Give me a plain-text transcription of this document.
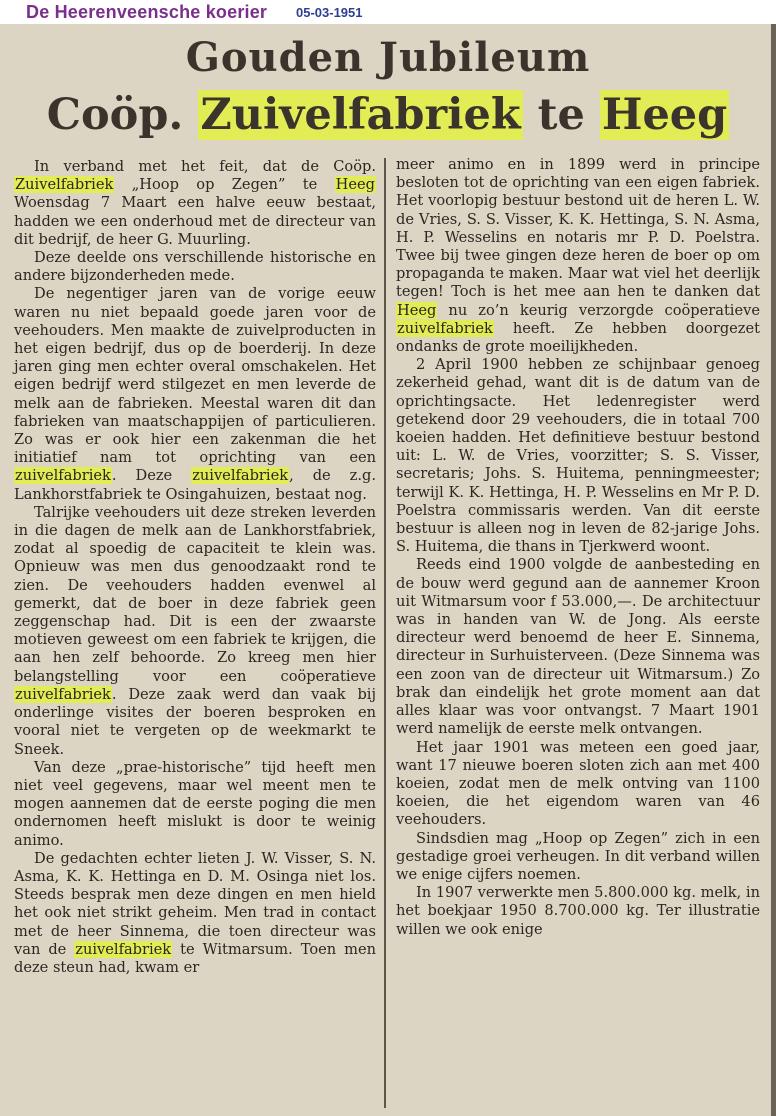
De Heerenveensche koerier 05-03-1951
Gouden Jubileum
Coöp. Zuivelfabriek te Heeg

In verband met het feit, dat de Coöp. Zuivelfabriek „Hoop op Zegen” te Heeg Woensdag 7 Maart een halve eeuw bestaat, hadden we een onderhoud met de directeur van dit bedrijf, de heer G. Muurling.

Deze deelde ons verschillende historische en andere bijzonderheden mede.

De negentiger jaren van de vorige eeuw waren nu niet bepaald goede jaren voor de veehouders. Men maakte de zuivelproducten in het eigen bedrijf, dus op de boerderij. In deze jaren ging men echter overal omschakelen. Het eigen bedrijf werd stilgezet en men leverde de melk aan de fabrieken. Meestal waren dit dan fabrieken van maatschappijen of particulieren. Zo was er ook hier een zakenman die het initiatief nam tot oprichting van een zuivelfabriek. Deze zuivelfabriek, de z.g. Lankhorstfabriek te Osingahuizen, bestaat nog.

Talrijke veehouders uit deze streken leverden in die dagen de melk aan de Lankhorstfabriek, zodat al spoedig de capaciteit te klein was. Opnieuw was men dus genoodzaakt rond te zien. De veehouders hadden evenwel al gemerkt, dat de boer in deze fabriek geen zeggenschap had. Dit is een der zwaarste motieven geweest om een fabriek te krijgen, die aan hen zelf behoorde. Zo kreeg men hier belangstelling voor een coöperatieve zuivelfabriek. Deze zaak werd dan vaak bij onderlinge visites der boeren besproken en vooral niet te vergeten op de weekmarkt te Sneek.

Van deze „prae-historische” tijd heeft men niet veel gegevens, maar wel meent men te mogen aannemen dat de eerste poging die men ondernomen heeft mislukt is door te weinig animo.

De gedachten echter lieten J. W. Visser, S. N. Asma, K. K. Hettinga en D. M. Osinga niet los. Steeds besprak men deze dingen en men hield het ook niet strikt geheim. Men trad in contact met de heer Sinnema, die toen directeur was van de zuivelfabriek te Witmarsum. Toen men deze steun had, kwam er

meer animo en in 1899 werd in principe besloten tot de oprichting van een eigen fabriek. Het voorlopig bestuur bestond uit de heren L. W. de Vries, S. S. Visser, K. K. Hettinga, S. N. Asma, H. P. Wesselins en notaris mr P. D. Poelstra. Twee bij twee gingen deze heren de boer op om propaganda te maken. Maar wat viel het deerlijk tegen! Toch is het mee aan hen te danken dat Heeg nu zo’n keurig verzorgde coöperatieve zuivelfabriek heeft. Ze hebben doorgezet ondanks de grote moeilijkheden.

2 April 1900 hebben ze schijnbaar genoeg zekerheid gehad, want dit is de datum van de oprichtingsacte. Het ledenregister werd getekend door 29 veehouders, die in totaal 700 koeien hadden. Het definitieve bestuur bestond uit: L. W. de Vries, voorzitter; S. S. Visser, secretaris; Johs. S. Huitema, penningmeester; terwijl K. K. Hettinga, H. P. Wesselins en Mr P. D. Poelstra commissaris werden. Van dit eerste bestuur is alleen nog in leven de 82-jarige Johs. S. Huitema, die thans in Tjerkwerd woont.

Reeds eind 1900 volgde de aanbesteding en de bouw werd gegund aan de aannemer Kroon uit Witmarsum voor f 53.000,—. De architectuur was in handen van W. de Jong. Als eerste directeur werd benoemd de heer E. Sinnema, directeur in Surhuisterveen. (Deze Sinnema was een zoon van de directeur uit Witmarsum.) Zo brak dan eindelijk het grote moment aan dat alles klaar was voor ontvangst. 7 Maart 1901 werd namelijk de eerste melk ontvangen.

Het jaar 1901 was meteen een goed jaar, want 17 nieuwe boeren sloten zich aan met 400 koeien, zodat men de melk ontving van 1100 koeien, die het eigendom waren van 46 veehouders.

Sindsdien mag „Hoop op Zegen” zich in een gestadige groei verheugen. In dit verband willen we enige cijfers noemen.

In 1907 verwerkte men 5.800.000 kg. melk, in het boekjaar 1950 8.700.000 kg. Ter illustratie willen we ook enige
